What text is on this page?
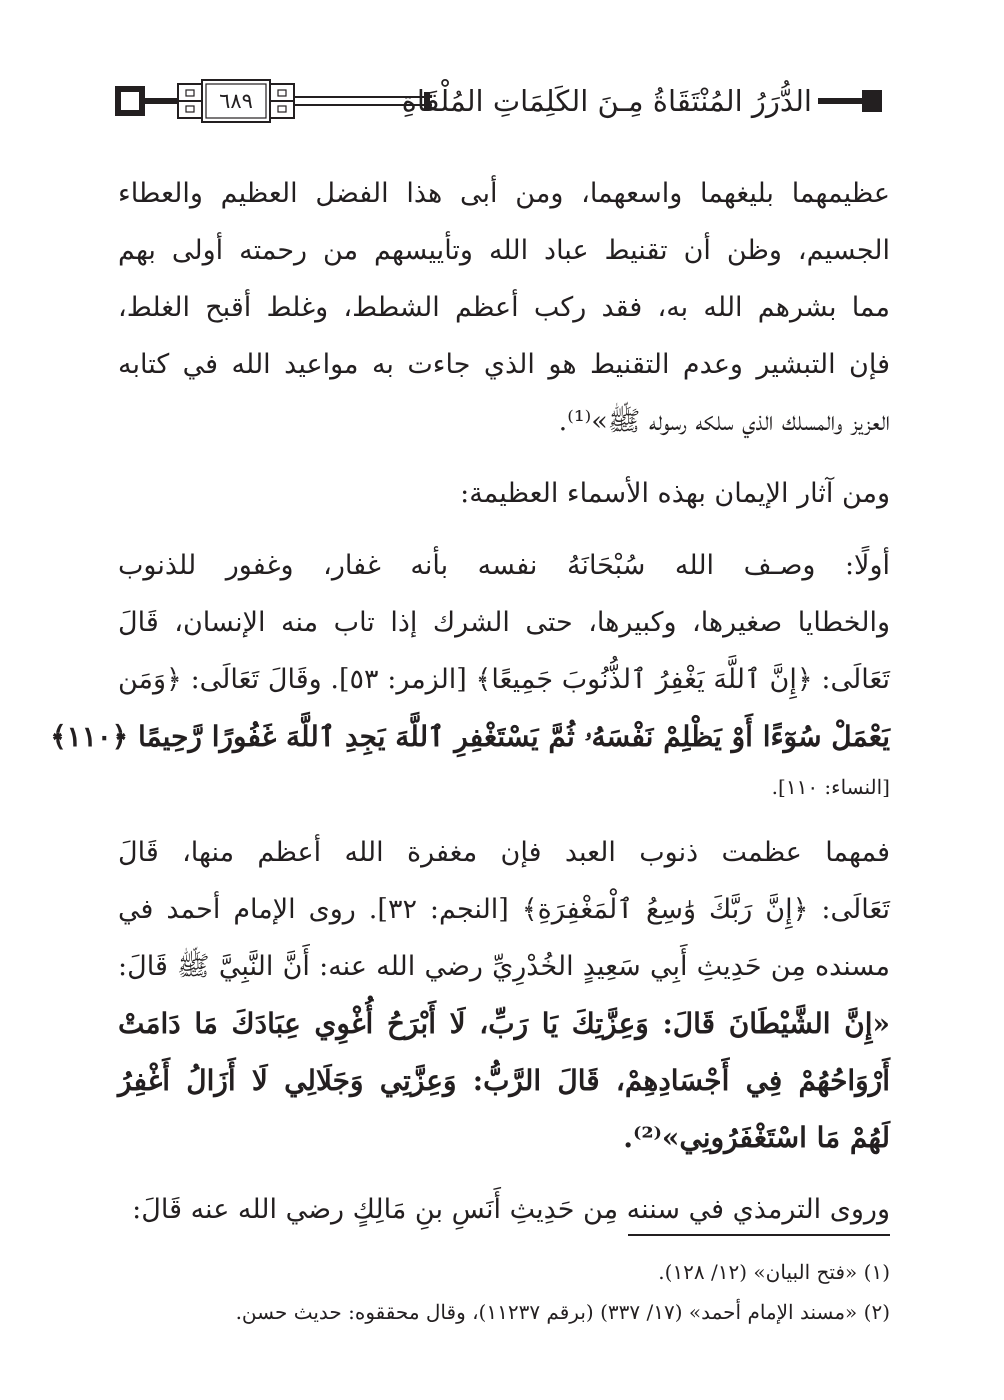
الدُّرَرُ المُنْتَقَاةُ مِـنَ الكَلِمَاتِ المُلْقَاةِ
٦٨٩
عظيمهما بليغهما واسعهما، ومن أبى هذا الفضل العظيم والعطاء
الجسيم، وظن أن تقنيط عباد الله وتأييسهم من رحمته أولى بهم
مما بشرهم الله به، فقد ركب أعظم الشطط، وغلط أقبح الغلط،
فإن التبشير وعدم التقنيط هو الذي جاءت به مواعيد الله في كتابه
العزيز والمسلك الذي سلكه رسوله ﷺ»⁽¹⁾.
ومن آثار الإيمان بهذه الأسماء العظيمة:
أولًا: وصـف الله سُبْحَانَهُ نفسه بأنه غفار، وغفور للذنوب
والخطايا صغيرها، وكبيرها، حتى الشرك إذا تاب منه الإنسان، قَالَ
تَعَالَى: ﴿إِنَّ ٱللَّهَ يَغْفِرُ ٱلذُّنُوبَ جَمِيعًا﴾ [الزمر: ٥٣]. وقَالَ تَعَالَى: ﴿وَمَن
يَعْمَلْ سُوٓءًا أَوْ يَظْلِمْ نَفْسَهُۥ ثُمَّ يَسْتَغْفِرِ ٱللَّهَ يَجِدِ ٱللَّهَ غَفُورًا رَّحِيمًا ﴿١١٠﴾
[النساء: ١١٠].
فمهما عظمت ذنوب العبد فإن مغفرة الله أعظم منها، قَالَ
تَعَالَى: ﴿إِنَّ رَبَّكَ وَٰسِعُ ٱلْمَغْفِرَةِ﴾ [النجم: ٣٢]. روى الإمام أحمد في
مسنده مِن حَدِيثِ أَبِي سَعِيدٍ الخُدْرِيِّ رضي الله عنه: أَنَّ النَّبِيَّ ﷺ قَالَ:
«إِنَّ الشَّيْطَانَ قَالَ: وَعِزَّتِكَ يَا رَبِّ، لَا أَبْرَحُ أُغْوِي عِبَادَكَ مَا دَامَتْ
أَرْوَاحُهُمْ فِي أَجْسَادِهِمْ، قَالَ الرَّبُّ: وَعِزَّتِي وَجَلَالِي لَا أَزَالُ أَغْفِرُ
لَهُمْ مَا اسْتَغْفَرُونِي»⁽²⁾.
وروى الترمذي في سننه مِن حَدِيثِ أَنَسِ بنِ مَالِكٍ رضي الله عنه قَالَ:
(١) «فتح البيان» (١٢/ ١٢٨).
(٢) «مسند الإمام أحمد» (١٧/ ٣٣٧) (برقم ١١٢٣٧)، وقال محققوه: حديث حسن.
